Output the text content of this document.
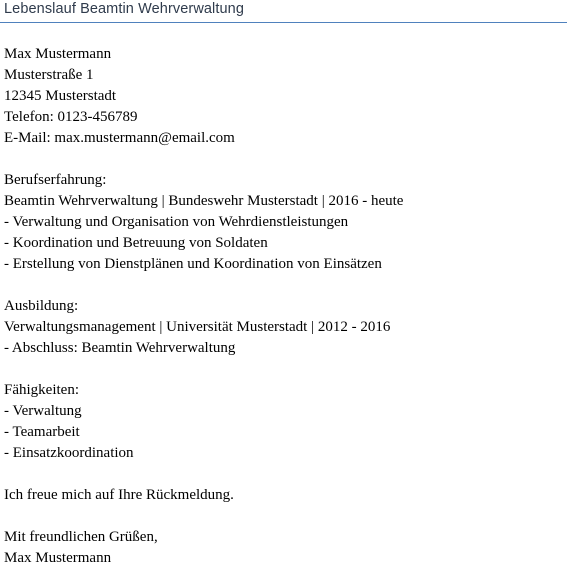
Lebenslauf Beamtin Wehrverwaltung
Max Mustermann
Musterstraße 1
12345 Musterstadt
Telefon: 0123-456789
E-Mail: max.mustermann@email.com
Berufserfahrung:
Beamtin Wehrverwaltung | Bundeswehr Musterstadt | 2016 - heute
- Verwaltung und Organisation von Wehrdienstleistungen
- Koordination und Betreuung von Soldaten
- Erstellung von Dienstplänen und Koordination von Einsätzen
Ausbildung:
Verwaltungsmanagement | Universität Musterstadt | 2012 - 2016
- Abschluss: Beamtin Wehrverwaltung
Fähigkeiten:
- Verwaltung
- Teamarbeit
- Einsatzkoordination
Ich freue mich auf Ihre Rückmeldung.
Mit freundlichen Grüßen,
Max Mustermann
